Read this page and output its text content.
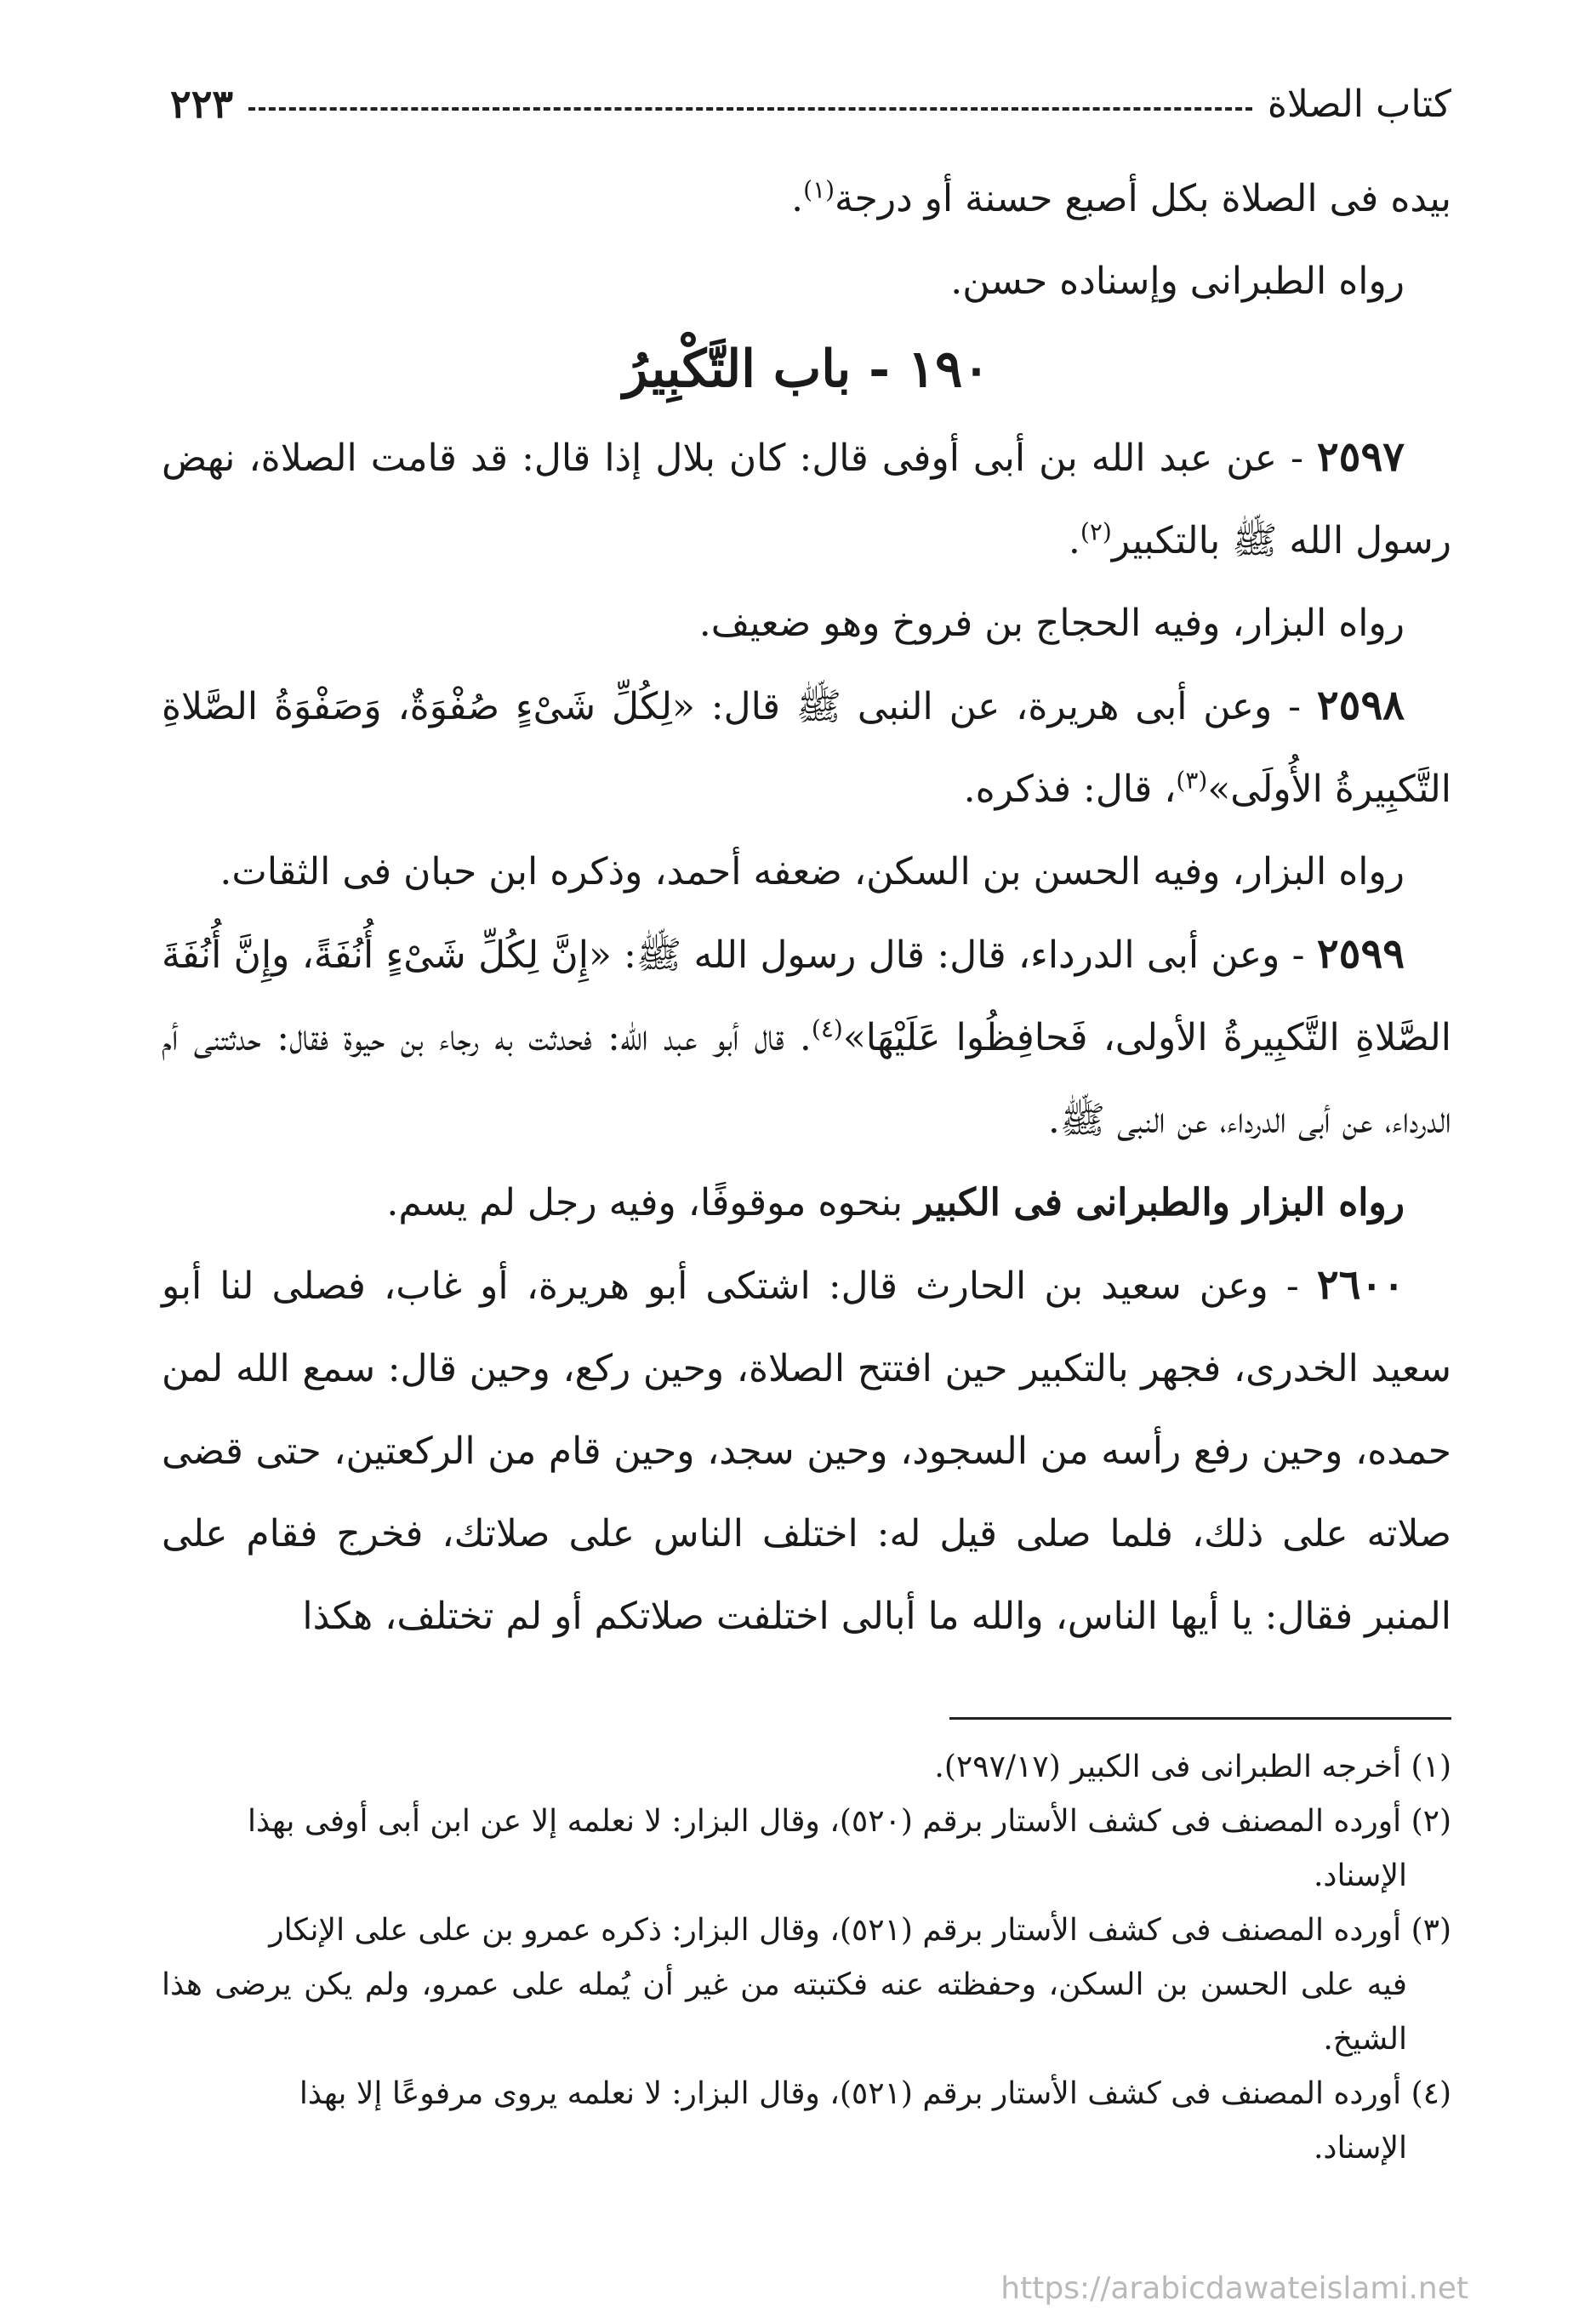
كتاب الصلاة
٢٢٣

بيده فى الصلاة بكل أصبع حسنة أو درجة$^{(١)}$.

رواه الطبرانى وإسناده حسن.

١٩٠ - باب التَّكْبِيرُ

٢٥٩٧ - عن عبد الله بن أبى أوفى قال: كان بلال إذا قال: قد قامت الصلاة، نهض رسول الله ﷺ بالتكبير$^{(٢)}$.

رواه البزار، وفيه الحجاج بن فروخ وهو ضعيف.

٢٥٩٨ - وعن أبى هريرة، عن النبى ﷺ قال: «لِكُلِّ شَىْءٍ صُفْوَةٌ، وَصَفْوَةُ الصَّلاةِ التَّكبِيرةُ الأُولَى»$^{(٣)}$، قال: فذكره.

رواه البزار، وفيه الحسن بن السكن، ضعفه أحمد، وذكره ابن حبان فى الثقات.

٢٥٩٩ - وعن أبى الدرداء، قال: قال رسول الله ﷺ: «إِنَّ لِكُلِّ شَىْءٍ أُنُفَةً، وإِنَّ أُنُفَةَ الصَّلاةِ التَّكبِيرةُ الأولى، فَحافِظُوا عَلَيْهَا»$^{(٤)}$. قال أبو عبد الله: فحدثت به رجاء بن حيوة فقال: حدثتنى أم الدرداء، عن أبى الدرداء، عن النبى ﷺ.

رواه البزار والطبرانى فى الكبير بنحوه موقوفًا، وفيه رجل لم يسم.

٢٦٠٠ - وعن سعيد بن الحارث قال: اشتكى أبو هريرة، أو غاب، فصلى لنا أبو سعيد الخدرى، فجهر بالتكبير حين افتتح الصلاة، وحين ركع، وحين قال: سمع الله لمن حمده، وحين رفع رأسه من السجود، وحين سجد، وحين قام من الركعتين، حتى قضى صلاته على ذلك، فلما صلى قيل له: اختلف الناس على صلاتك، فخرج فقام على المنبر فقال: يا أيها الناس، والله ما أبالى اختلفت صلاتكم أو لم تختلف، هكذا

(١) أخرجه الطبرانى فى الكبير (٢٩٧/١٧).

(٢) أورده المصنف فى كشف الأستار برقم (٥٢٠)، وقال البزار: لا نعلمه إلا عن ابن أبى أوفى بهذا

الإسناد.

(٣) أورده المصنف فى كشف الأستار برقم (٥٢١)، وقال البزار: ذكره عمرو بن على على الإنكار

فيه على الحسن بن السكن، وحفظته عنه فكتبته من غير أن يُمله على عمرو، ولم يكن يرضى هذا الشيخ.

(٤) أورده المصنف فى كشف الأستار برقم (٥٢١)، وقال البزار: لا نعلمه يروى مرفوعًا إلا بهذا

الإسناد.

https://arabicdawateislami.net
